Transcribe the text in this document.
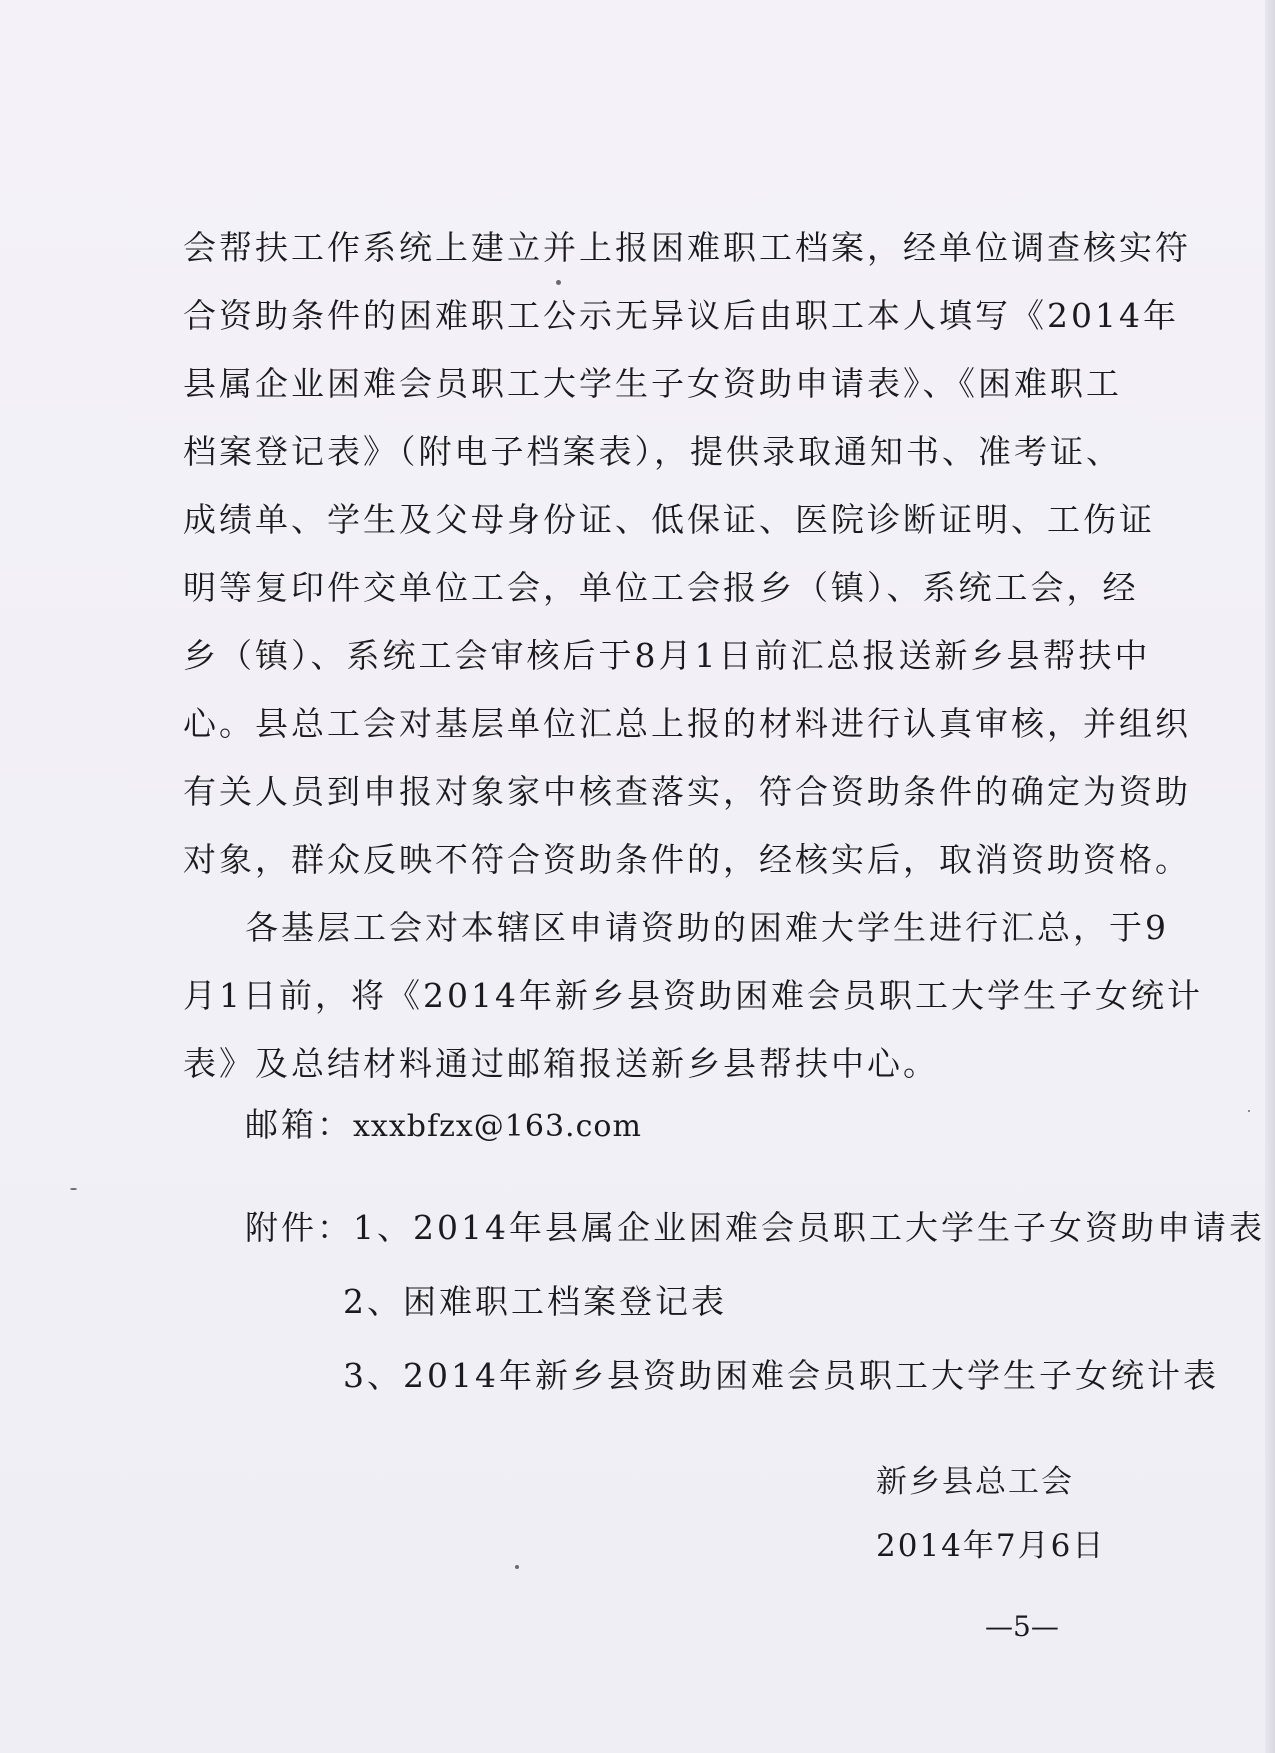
会帮扶工作系统上建立并上报困难职工档案，经单位调查核实符
合资助条件的困难职工公示无异议后由职工本人填写《2014年
县属企业困难会员职工大学生子女资助申请表》、《困难职工
档案登记表》（附电子档案表），提供录取通知书、准考证、
成绩单、学生及父母身份证、低保证、医院诊断证明、工伤证
明等复印件交单位工会，单位工会报乡（镇）、系统工会，经
乡（镇）、系统工会审核后于8月1日前汇总报送新乡县帮扶中
心。县总工会对基层单位汇总上报的材料进行认真审核，并组织
有关人员到申报对象家中核查落实，符合资助条件的确定为资助
对象，群众反映不符合资助条件的，经核实后，取消资助资格。
各基层工会对本辖区申请资助的困难大学生进行汇总，于9
月1日前，将《2014年新乡县资助困难会员职工大学生子女统计
表》及总结材料通过邮箱报送新乡县帮扶中心。
邮箱：xxxbfzx@163.com
附件：1、2014年县属企业困难会员职工大学生子女资助申请表
2、困难职工档案登记表
3、2014年新乡县资助困难会员职工大学生子女统计表
新乡县总工会
2014年7月6日
—5—
